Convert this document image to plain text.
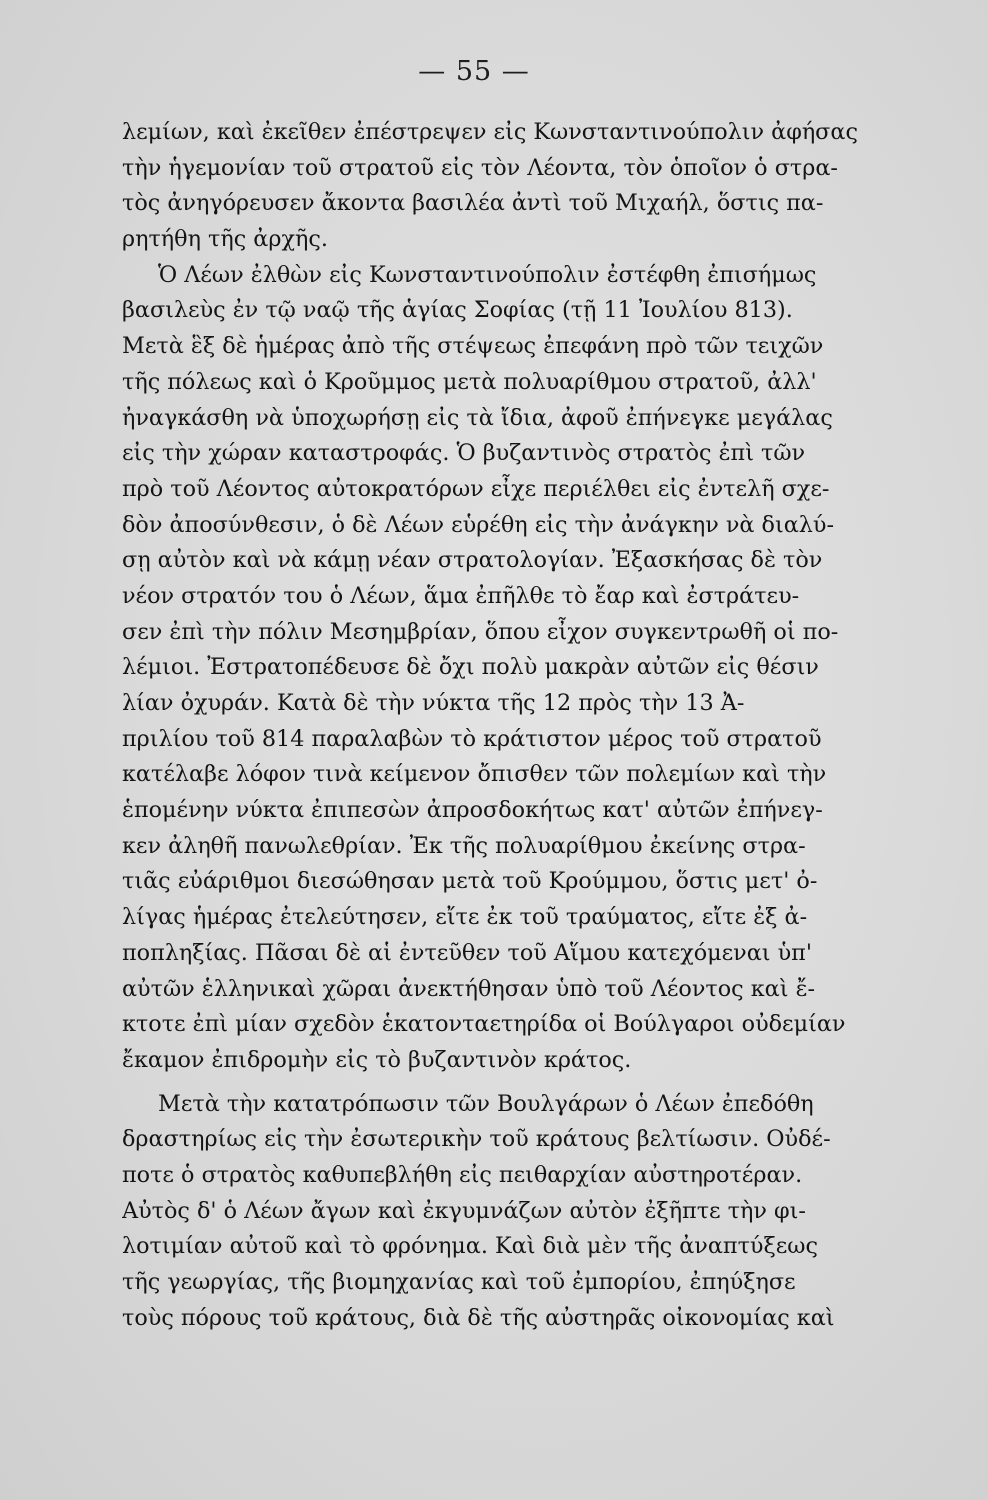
— 55 —
λεμίων, καὶ ἐκεῖθεν ἐπέστρεψεν εἰς Κωνσταντινούπολιν ἀφήσας
τὴν ἡγεμονίαν τοῦ στρατοῦ εἰς τὸν Λέοντα, τὸν ὁποῖον ὁ στρα-
τὸς ἀνηγόρευσεν ἄκοντα βασιλέα ἀντὶ τοῦ Μιχαήλ, ὅστις πα-
ρητήθη τῆς ἀρχῆς.
Ὁ Λέων ἐλθὼν εἰς Κωνσταντινούπολιν ἐστέφθη ἐπισήμως
βασιλεὺς ἐν τῷ ναῷ τῆς ἁγίας Σοφίας (τῇ 11 Ἰουλίου 813).
Μετὰ ἓξ δὲ ἡμέρας ἀπὸ τῆς στέψεως ἐπεφάνη πρὸ τῶν τειχῶν
τῆς πόλεως καὶ ὁ Κροῦμμος μετὰ πολυαρίθμου στρατοῦ, ἀλλ'
ἠναγκάσθη νὰ ὑποχωρήσῃ εἰς τὰ ἴδια, ἀφοῦ ἐπήνεγκε μεγάλας
εἰς τὴν χώραν καταστροφάς. Ὁ βυζαντινὸς στρατὸς ἐπὶ τῶν
πρὸ τοῦ Λέοντος αὐτοκρατόρων εἶχε περιέλθει εἰς ἐντελῆ σχε-
δὸν ἀποσύνθεσιν, ὁ δὲ Λέων εὑρέθη εἰς τὴν ἀνάγκην νὰ διαλύ-
σῃ αὐτὸν καὶ νὰ κάμῃ νέαν στρατολογίαν. Ἐξασκήσας δὲ τὸν
νέον στρατόν του ὁ Λέων, ἅμα ἐπῆλθε τὸ ἔαρ καὶ ἐστράτευ-
σεν ἐπὶ τὴν πόλιν Μεσημβρίαν, ὅπου εἶχον συγκεντρωθῆ οἱ πο-
λέμιοι. Ἐστρατοπέδευσε δὲ ὄχι πολὺ μακρὰν αὐτῶν εἰς θέσιν
λίαν ὀχυράν. Κατὰ δὲ τὴν νύκτα τῆς 12 πρὸς τὴν 13 Ἀ-
πριλίου τοῦ 814 παραλαβὼν τὸ κράτιστον μέρος τοῦ στρατοῦ
κατέλαβε λόφον τινὰ κείμενον ὄπισθεν τῶν πολεμίων καὶ τὴν
ἑπομένην νύκτα ἐπιπεσὼν ἀπροσδοκήτως κατ' αὐτῶν ἐπήνεγ-
κεν ἀληθῆ πανωλεθρίαν. Ἐκ τῆς πολυαρίθμου ἐκείνης στρα-
τιᾶς εὐάριθμοι διεσώθησαν μετὰ τοῦ Κρούμμου, ὅστις μετ' ὀ-
λίγας ἡμέρας ἐτελεύτησεν, εἴτε ἐκ τοῦ τραύματος, εἴτε ἐξ ἀ-
ποπληξίας. Πᾶσαι δὲ αἱ ἐντεῦθεν τοῦ Αἵμου κατεχόμεναι ὑπ'
αὐτῶν ἑλληνικαὶ χῶραι ἀνεκτήθησαν ὑπὸ τοῦ Λέοντος καὶ ἔ-
κτοτε ἐπὶ μίαν σχεδὸν ἑκατονταετηρίδα οἱ Βούλγαροι οὐδεμίαν
ἔκαμον ἐπιδρομὴν εἰς τὸ βυζαντινὸν κράτος.
Μετὰ τὴν κατατρόπωσιν τῶν Βουλγάρων ὁ Λέων ἐπεδόθη
δραστηρίως εἰς τὴν ἐσωτερικὴν τοῦ κράτους βελτίωσιν. Οὐδέ-
ποτε ὁ στρατὸς καθυπεβλήθη εἰς πειθαρχίαν αὐστηροτέραν.
Αὐτὸς δ' ὁ Λέων ἄγων καὶ ἐκγυμνάζων αὐτὸν ἐξῆπτε τὴν φι-
λοτιμίαν αὐτοῦ καὶ τὸ φρόνημα. Καὶ διὰ μὲν τῆς ἀναπτύξεως
τῆς γεωργίας, τῆς βιομηχανίας καὶ τοῦ ἐμπορίου, ἐπηύξησε
τοὺς πόρους τοῦ κράτους, διὰ δὲ τῆς αὐστηρᾶς οἰκονομίας καὶ
